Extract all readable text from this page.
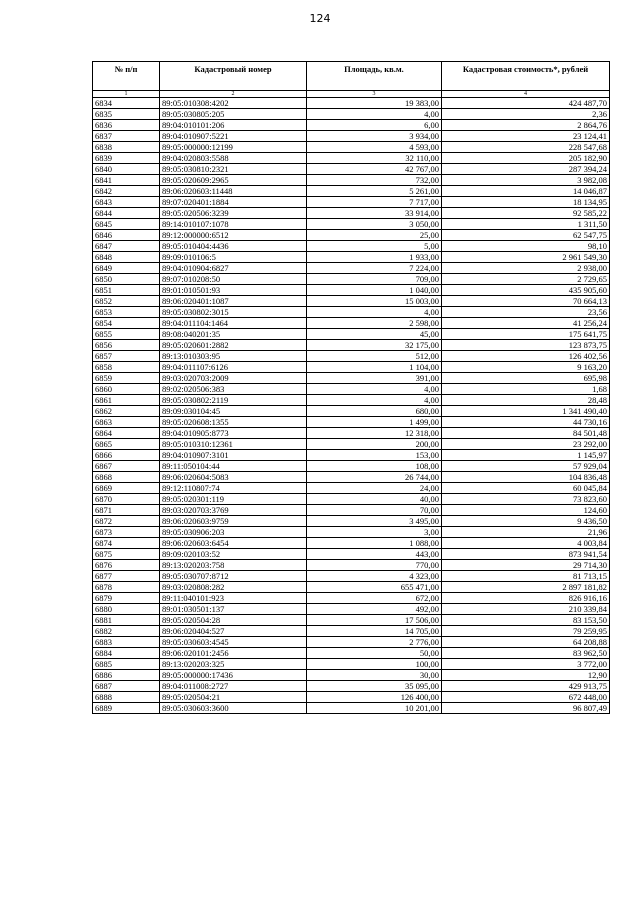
124
№ п/п	Кадастровый номер	Площадь, кв.м.	Кадастровая стоимость*, рублей
1	2	3	4
6834	89:05:010308:4202	19 383,00	424 487,70
6835	89:05:030805:205	4,00	2,36
6836	89:04:010101:206	6,00	2 864,76
6837	89:04:010907:5221	3 934,00	23 124,41
6838	89:05:000000:12199	4 593,00	228 547,68
6839	89:04:020803:5588	32 110,00	205 182,90
6840	89:05:030810:2321	42 767,00	287 394,24
6841	89:05:020609:2965	732,00	3 982,08
6842	89:06:020603:11448	5 261,00	14 046,87
6843	89:07:020401:1884	7 717,00	18 134,95
6844	89:05:020506:3239	33 914,00	92 585,22
6845	89:14:010107:1078	3 050,00	1 311,50
6846	89:12:000000:6512	25,00	62 547,75
6847	89:05:010404:4436	5,00	98,10
6848	89:09:010106:5	1 933,00	2 961 549,30
6849	89:04:010904:6827	7 224,00	2 938,00
6850	89:07:010208:50	709,00	2 729,65
6851	89:01:010501:93	1 040,00	435 905,60
6852	89:06:020401:1087	15 003,00	70 664,13
6853	89:05:030802:3015	4,00	23,56
6854	89:04:011104:1464	2 598,00	41 256,24
6855	89:08:040201:35	45,00	175 641,75
6856	89:05:020601:2882	32 175,00	123 873,75
6857	89:13:010303:95	512,00	126 402,56
6858	89:04:011107:6126	1 104,00	9 163,20
6859	89:03:020703:2009	391,00	695,98
6860	89:02:020506:383	4,00	1,68
6861	89:05:030802:2119	4,00	28,48
6862	89:09:030104:45	680,00	1 341 490,40
6863	89:05:020608:1355	1 499,00	44 730,16
6864	89:04:010905:8773	12 318,00	84 501,48
6865	89:05:010310:12361	200,00	23 292,00
6866	89:04:010907:3101	153,00	1 145,97
6867	89:11:050104:44	108,00	57 929,04
6868	89:06:020604:5083	26 744,00	104 836,48
6869	89:12:110807:74	24,00	60 045,84
6870	89:05:020301:119	40,00	73 823,60
6871	89:03:020703:3769	70,00	124,60
6872	89:06:020603:9759	3 495,00	9 436,50
6873	89:05:030906:203	3,00	21,96
6874	89:06:020603:6454	1 088,00	4 003,84
6875	89:09:020103:52	443,00	873 941,54
6876	89:13:020203:758	770,00	29 714,30
6877	89:05:030707:8712	4 323,00	81 713,15
6878	89:03:020808:282	655 471,00	2 897 181,82
6879	89:11:040101:923	672,00	826 916,16
6880	89:01:030501:137	492,00	210 339,84
6881	89:05:020504:28	17 506,00	83 153,50
6882	89:06:020404:527	14 705,00	79 259,95
6883	89:05:030603:4545	2 776,00	64 208,88
6884	89:06:020101:2456	50,00	83 962,50
6885	89:13:020203:325	100,00	3 772,00
6886	89:05:000000:17436	30,00	12,90
6887	89:04:011008:2727	35 095,00	429 913,75
6888	89:05:020504:21	126 400,00	672 448,00
6889	89:05:030603:3600	10 201,00	96 807,49
